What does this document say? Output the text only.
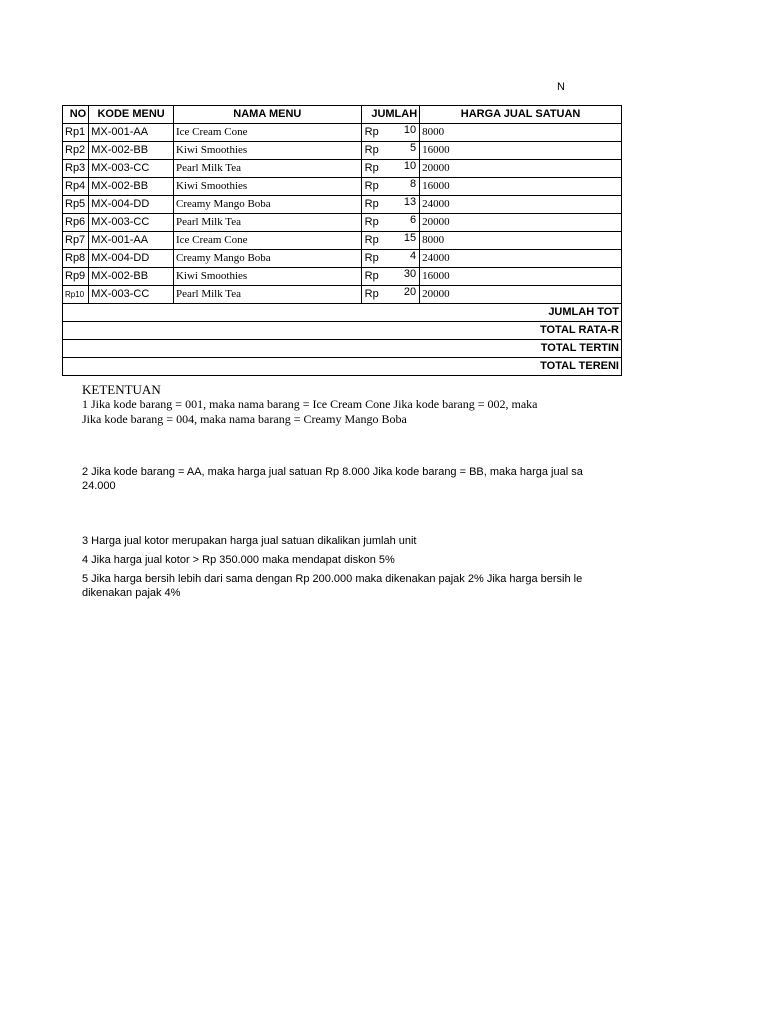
N
NO	KODE MENU	NAMA MENU	JUMLAH	HARGA JUAL SATUAN
Rp1	MX-001-AA	Ice Cream Cone	Rp 10	8000
Rp2	MX-002-BB	Kiwi Smoothies	Rp 5	16000
Rp3	MX-003-CC	Pearl Milk Tea	Rp 10	20000
Rp4	MX-002-BB	Kiwi Smoothies	Rp 8	16000
Rp5	MX-004-DD	Creamy Mango Boba	Rp 13	24000
Rp6	MX-003-CC	Pearl Milk Tea	Rp 6	20000
Rp7	MX-001-AA	Ice Cream Cone	Rp 15	8000
Rp8	MX-004-DD	Creamy Mango Boba	Rp 4	24000
Rp9	MX-002-BB	Kiwi Smoothies	Rp 30	16000
Rp10	MX-003-CC	Pearl Milk Tea	Rp 20	20000
JUMLAH TOT				
TOTAL RATA-R				
TOTAL TERTIN				
TOTAL TERENI				
KETENTUAN
1 Jika kode barang = 001, maka nama barang = Ice Cream Cone Jika kode barang = 002, maka
Jika kode barang = 004, maka nama barang = Creamy Mango Boba
2 Jika kode barang = AA, maka harga jual satuan Rp 8.000 Jika kode barang = BB, maka harga jual sa
24.000
3 Harga jual kotor merupakan harga jual satuan dikalikan jumlah unit
4 Jika harga jual kotor > Rp 350.000 maka mendapat diskon 5%
5 Jika harga bersih lebih dari sama dengan Rp 200.000 maka dikenakan pajak 2% Jika harga bersih le
dikenakan pajak 4%
